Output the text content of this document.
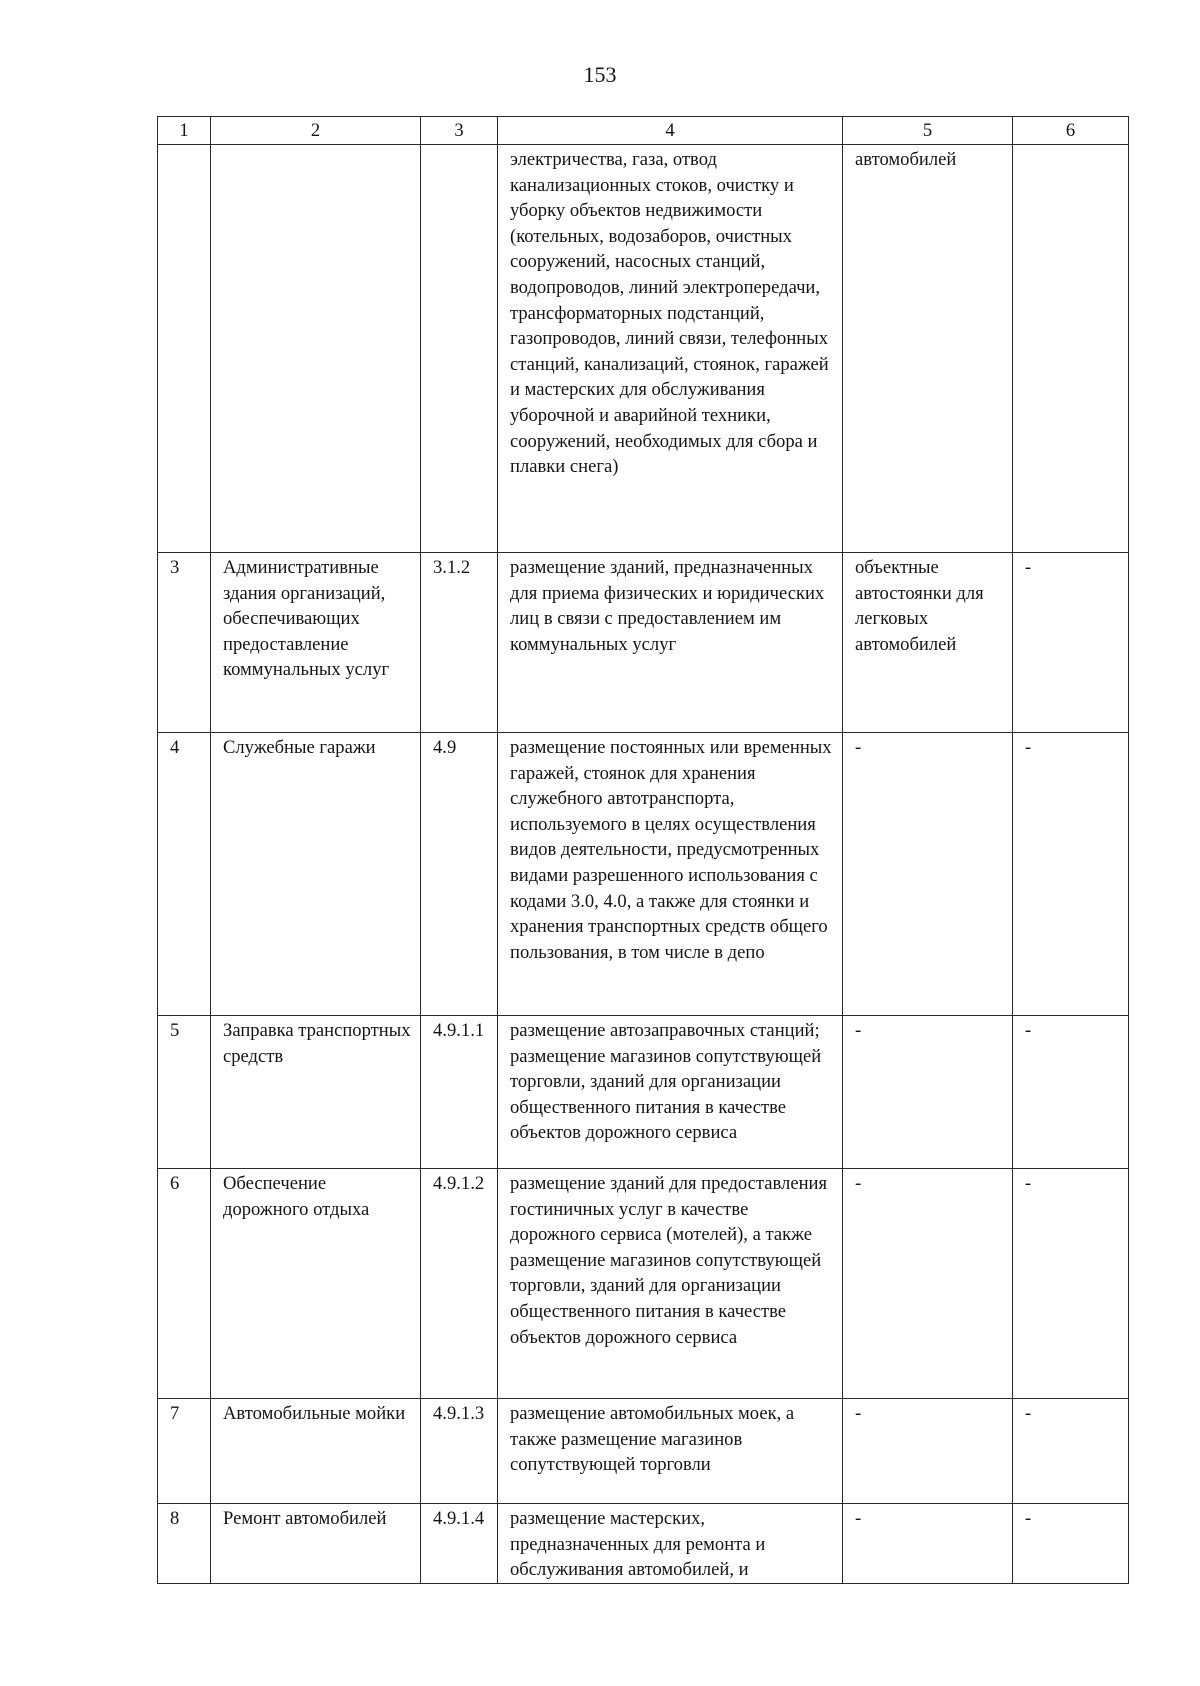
153
1	2	3	4	5	6
			электричества, газа, отвод канализационных стоков, очистку и уборку объектов недвижимости (котельных, водозаборов, очистных сооружений, насосных станций, водопроводов, линий электропередачи, трансформаторных подстанций, газопроводов, линий связи, телефонных станций, канализаций, стоянок, гаражей и мастерских для обслуживания уборочной и аварийной техники, сооружений, необходимых для сбора и плавки снега)	автомобилей	
3	Административные здания организаций, обеспечивающих предоставление коммунальных услуг	3.1.2	размещение зданий, предназначенных для приема физических и юридических лиц в связи с предоставлением им коммунальных услуг	объектные автостоянки для легковых автомобилей	-
4	Служебные гаражи	4.9	размещение постоянных или временных гаражей, стоянок для хранения служебного автотранспорта, используемого в целях осуществления видов деятельности, предусмотренных видами разрешенного использования с кодами 3.0, 4.0, а также для стоянки и хранения транспортных средств общего пользования, в том числе в депо	-	-
5	Заправка транспортных средств	4.9.1.1	размещение автозаправочных станций; размещение магазинов сопутствующей торговли, зданий для организации общественного питания в качестве объектов дорожного сервиса	-	-
6	Обеспечение дорожного отдыха	4.9.1.2	размещение зданий для предоставления гостиничных услуг в качестве дорожного сервиса (мотелей), а также размещение магазинов сопутствующей торговли, зданий для организации общественного питания в качестве объектов дорожного сервиса	-	-
7	Автомобильные мойки	4.9.1.3	размещение автомобильных моек, а также размещение магазинов сопутствующей торговли	-	-
8	Ремонт автомобилей	4.9.1.4	размещение мастерских, предназначенных для ремонта и обслуживания автомобилей, и	-	-
